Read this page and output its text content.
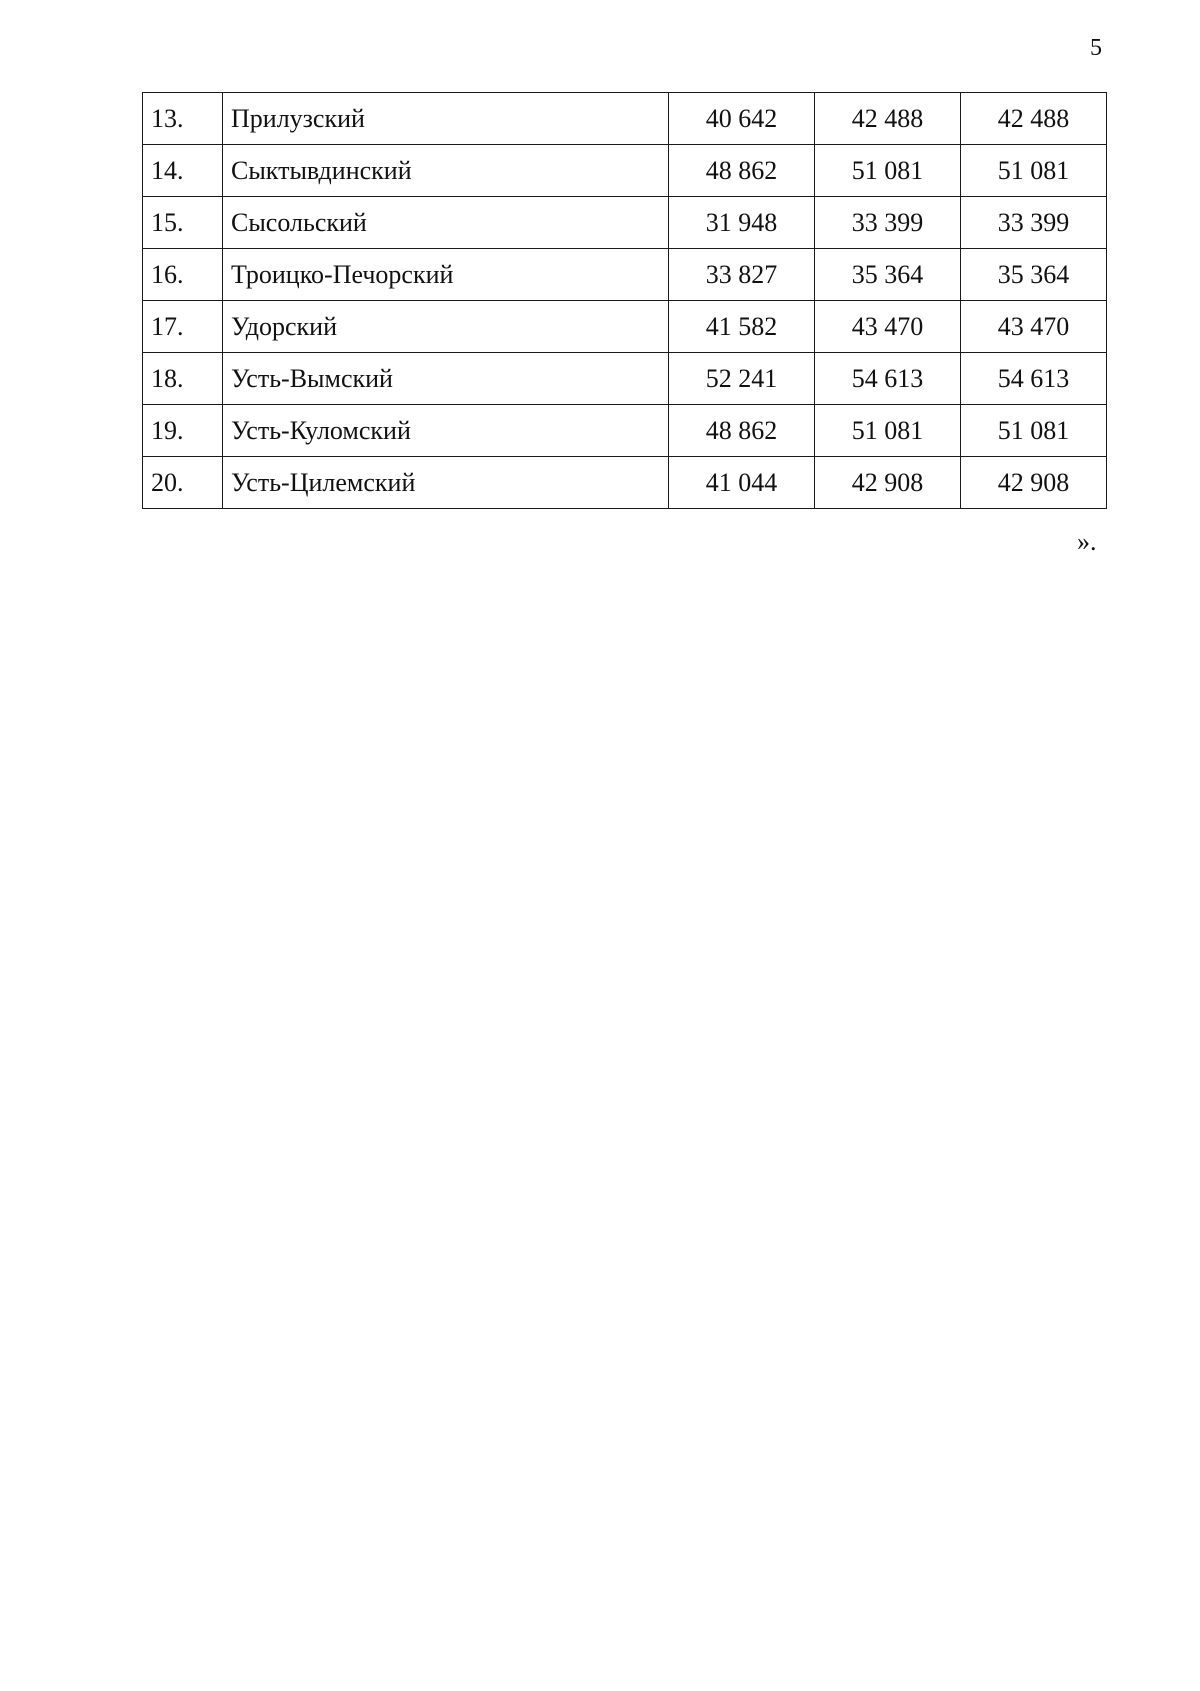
5
13.	Прилузский	40 642	42 488	42 488
14.	Сыктывдинский	48 862	51 081	51 081
15.	Сысольский	31 948	33 399	33 399
16.	Троицко-Печорский	33 827	35 364	35 364
17.	Удорский	41 582	43 470	43 470
18.	Усть-Вымский	52 241	54 613	54 613
19.	Усть-Куломский	48 862	51 081	51 081
20.	Усть-Цилемский	41 044	42 908	42 908
».
